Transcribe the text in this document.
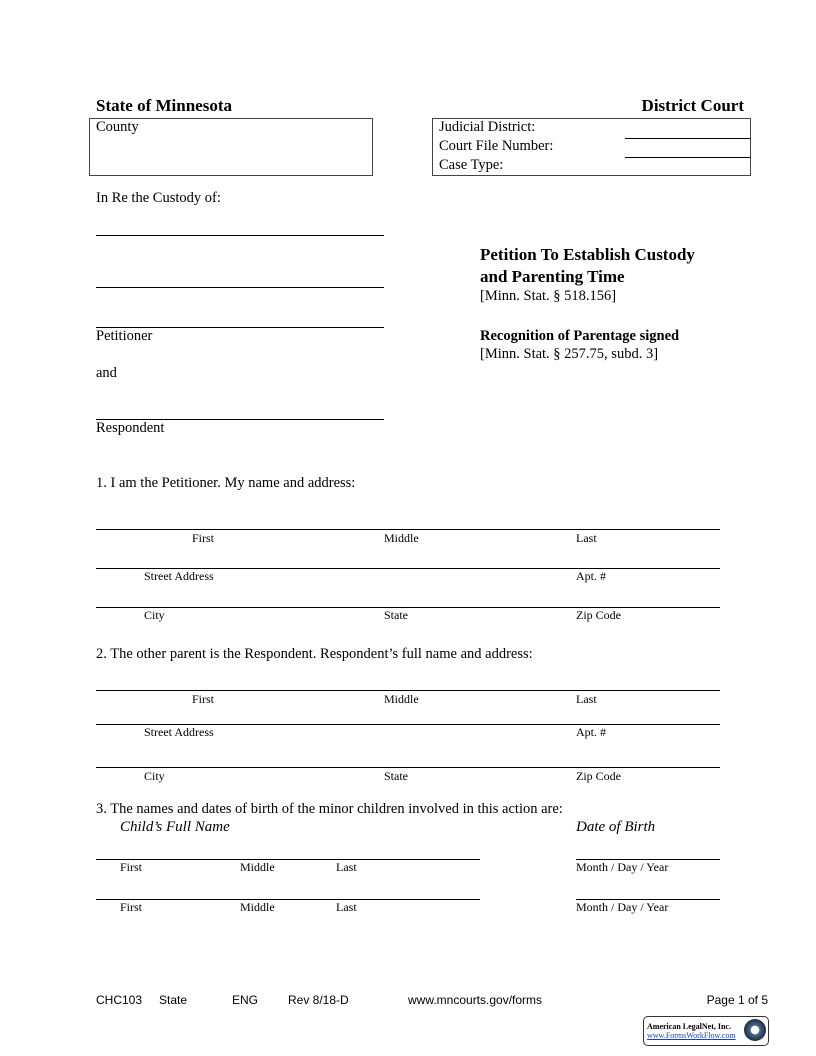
State of Minnesota	District Court
County	Judicial District:
Court File Number:
Case Type:
In Re the Custody of:
Petitioner
and
Respondent
Petition To Establish Custody
and Parenting Time
[Minn. Stat. § 518.156]
Recognition of Parentage signed
[Minn. Stat. § 257.75, subd. 3]
1. I am the Petitioner. My name and address:
First	Middle	Last
Street Address	Apt. #
City	State	Zip Code
2. The other parent is the Respondent. Respondent’s full name and address:
First	Middle	Last
Street Address	Apt. #
City	State	Zip Code
3. The names and dates of birth of the minor children involved in this action are:
Child’s Full Name	Date of Birth
First	Middle	Last	Month / Day / Year
First	Middle	Last	Month / Day / Year
CHC103 State	ENG Rev 8/18-D	www.mncourts.gov/forms	Page 1 of 5
American LegalNet, Inc.
www.FormsWorkFlow.com
